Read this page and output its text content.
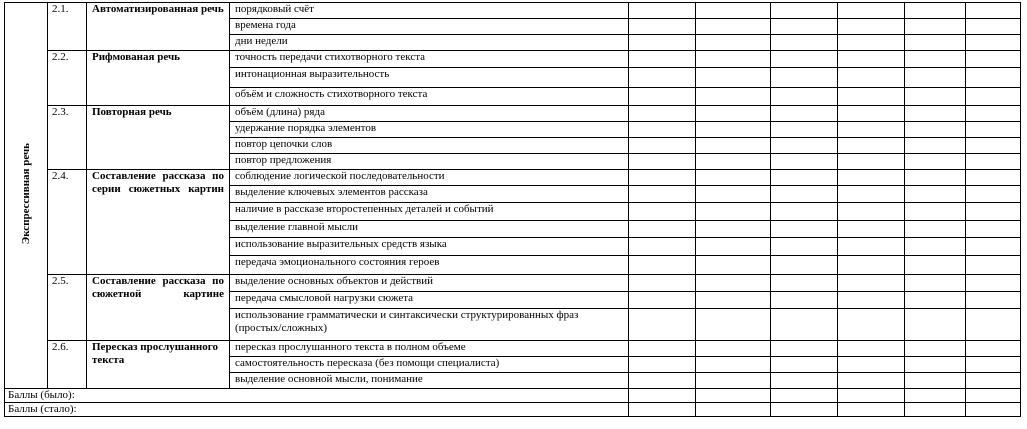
Экспрессивная речь	2.1.	Автоматизированная речь	порядковый счёт						
			времена года						
			дни недели						
	2.2.	Рифмованая речь	точность передачи стихотворного текста						
			интонационная выразительность						
			объём и сложность стихотворного текста						
	2.3.	Повторная речь	объём (длина) ряда						
			удержание порядка элементов						
			повтор цепочки слов						
			повтор предложения						
	2.4.	Составление рассказа по серии сюжетных картин	соблюдение логической последовательности						
			выделение ключевых элементов рассказа						
			наличие в рассказе второстепенных деталей и событий						
			выделение главной мысли						
			использование выразительных средств языка						
			передача эмоционального состояния героев						
	2.5.	Составление рассказа по сюжетной картине	выделение основных объектов и действий						
			передача смысловой нагрузки сюжета						
			использование грамматически и синтаксически структурированных фраз (простых/сложных)						
	2.6.	Пересказ прослушанного текста	пересказ прослушанного текста в полном объеме						
			самостоятельность пересказа (без помощи специалиста)						
			выделение основной мысли, понимание						
Баллы (было):									
Баллы (стало):									
